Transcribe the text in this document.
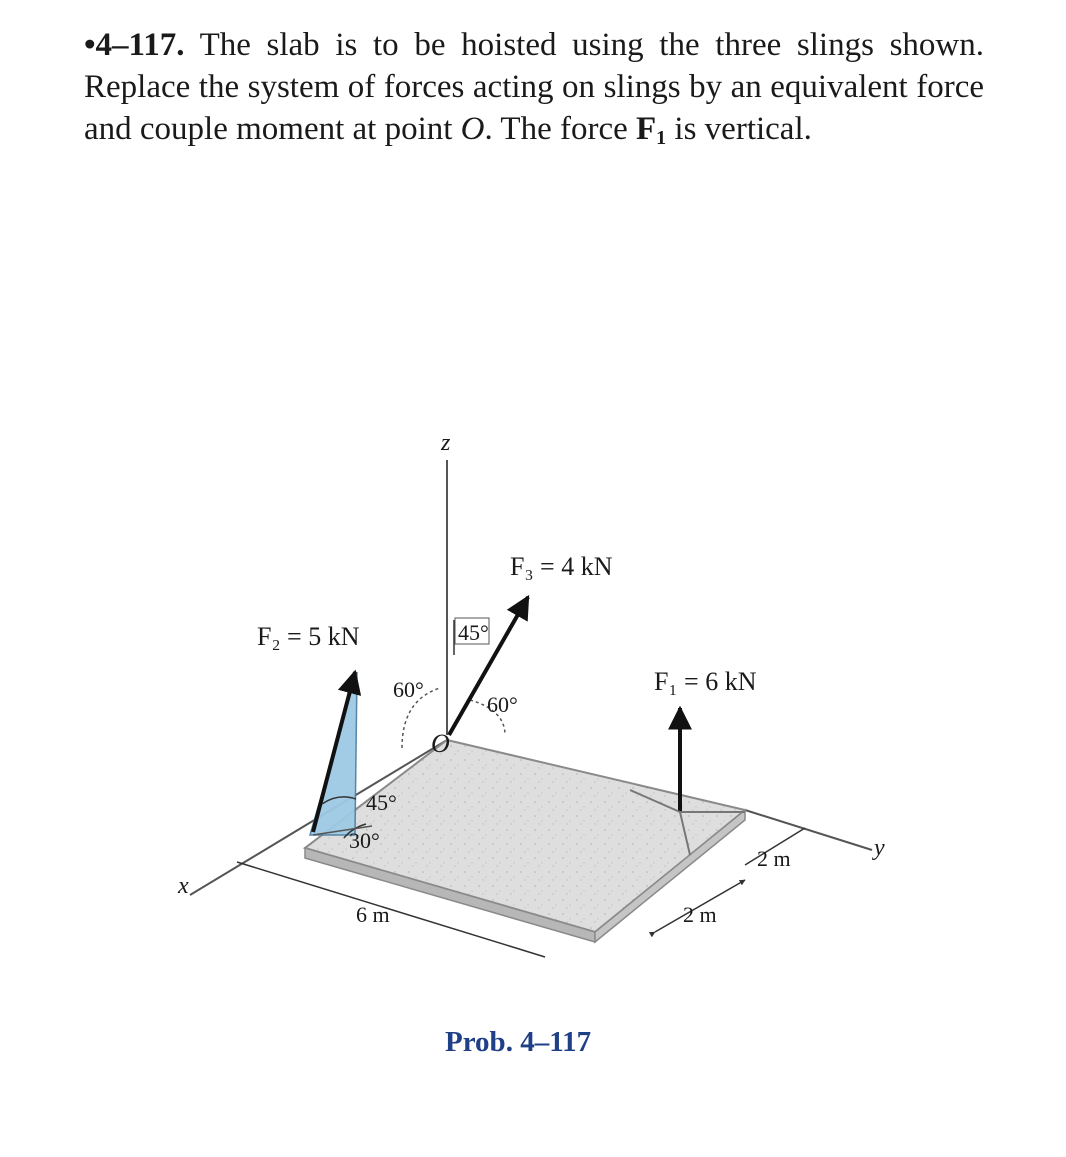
•4–117. The slab is to be hoisted using the three slings shown. Replace the system of forces acting on slings by an equivalent force and couple moment at point O. The force $F_1$ is vertical.
z
x
y
O
F₃ = 4 kN
F₂ = 5 kN
F₁ = 6 kN
45°
60°
60°
45°
30°
6 m
2 m
2 m
Prob. 4–117
